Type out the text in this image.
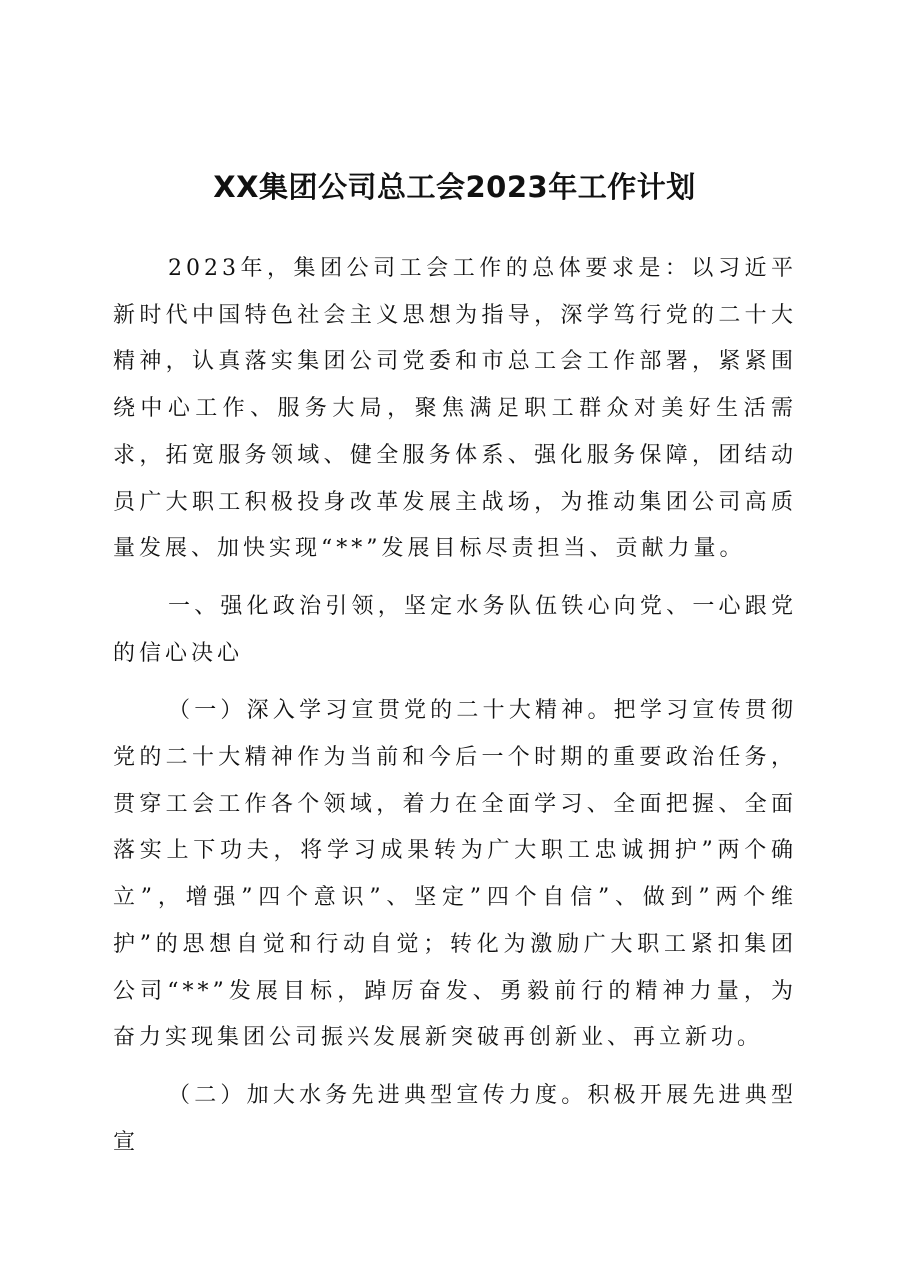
XX集团公司总工会2023年工作计划

2023年，集团公司工会工作的总体要求是：以习近平新时代中国特色社会主义思想为指导，深学笃行党的二十大精神，认真落实集团公司党委和市总工会工作部署，紧紧围绕中心工作、服务大局，聚焦满足职工群众对美好生活需求，拓宽服务领域、健全服务体系、强化服务保障，团结动员广大职工积极投身改革发展主战场，为推动集团公司高质量发展、加快实现“**”发展目标尽责担当、贡献力量。

一、强化政治引领，坚定水务队伍铁心向党、一心跟党的信心决心

（一）深入学习宣贯党的二十大精神。把学习宣传贯彻党的二十大精神作为当前和今后一个时期的重要政治任务，贯穿工会工作各个领域，着力在全面学习、全面把握、全面落实上下功夫，将学习成果转为广大职工忠诚拥护”两个确立”，增强”四个意识”、坚定”四个自信”、做到”两个维护”的思想自觉和行动自觉；转化为激励广大职工紧扣集团公司“**”发展目标，踔厉奋发、勇毅前行的精神力量，为奋力实现集团公司振兴发展新突破再创新业、再立新功。

（二）加大水务先进典型宣传力度。积极开展先进典型宣
